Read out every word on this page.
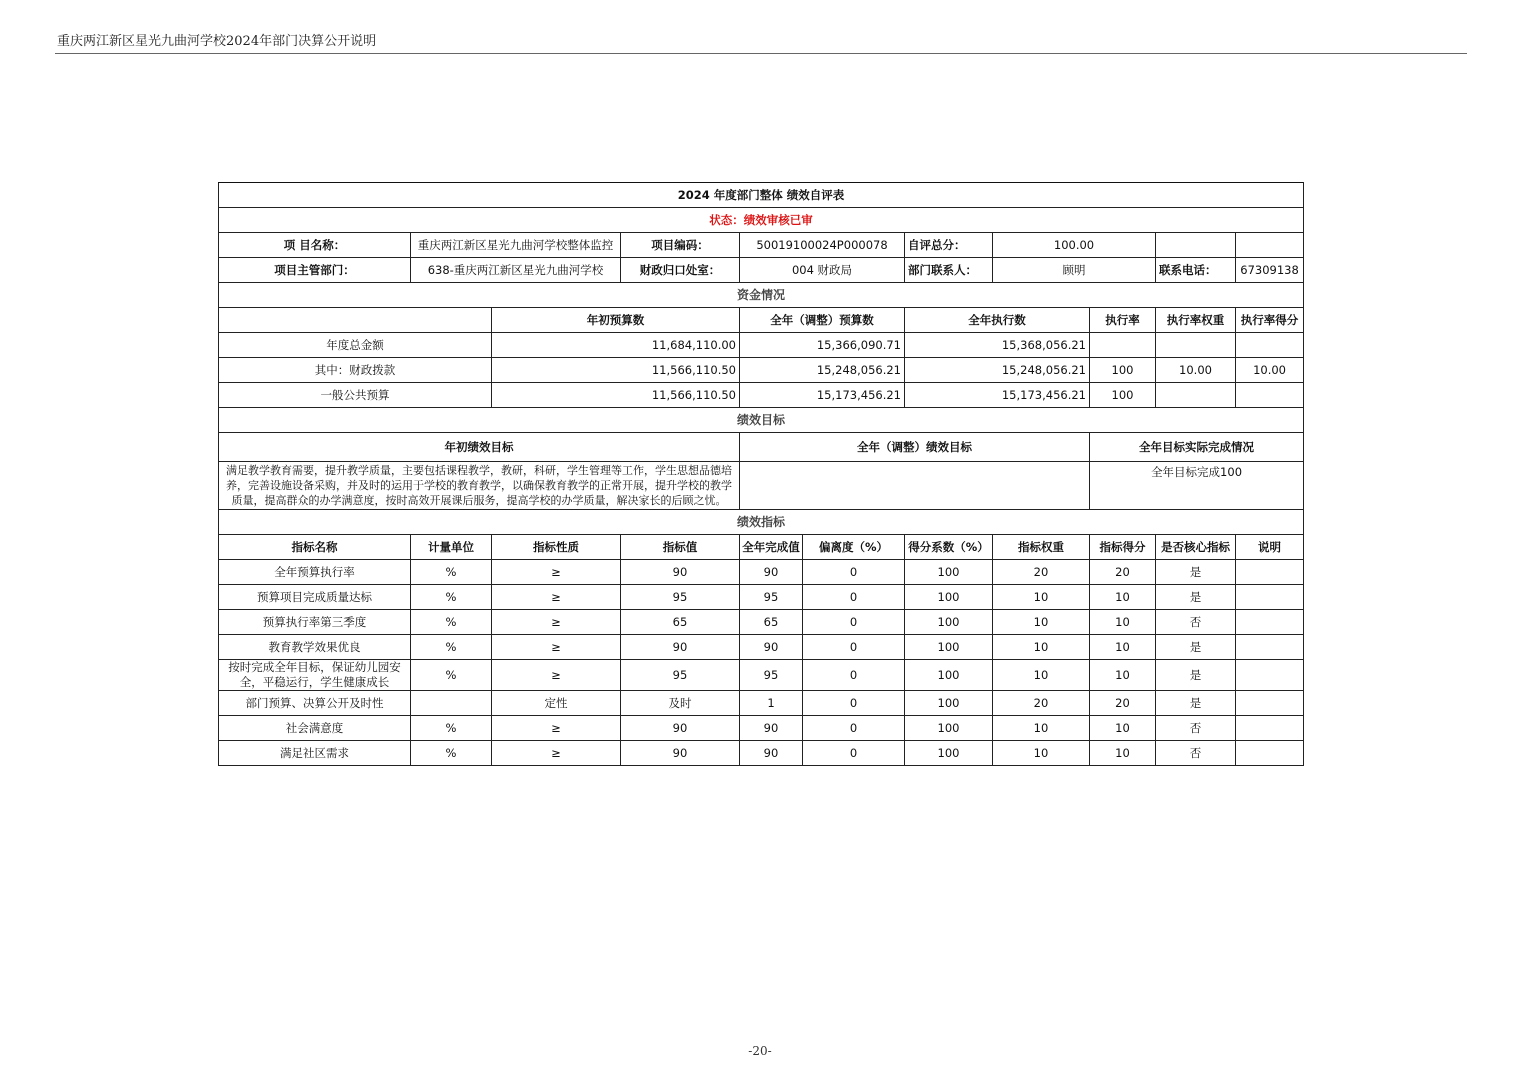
重庆两江新区星光九曲河学校2024年部门决算公开说明
2024 年度部门整体 绩效自评表										
状态：绩效审核已审										
项 目名称：	重庆两江新区星光九曲河学校整体监控		项目编码：	50019100024P000078		自评总分：	100.00			
项目主管部门：	638-重庆两江新区星光九曲河学校		财政归口处室：	004 财政局		部门联系人：	顾明		联系电话：	67309138
资金情况										
		年初预算数		全年（调整）预算数		全年执行数		执行率	执行率权重	执行率得分
年度总金额		11,684,110.00		15,366,090.71		15,368,056.21				
其中：财政拨款		11,566,110.50		15,248,056.21		15,248,056.21		100	10.00	10.00
一般公共预算		11,566,110.50		15,173,456.21		15,173,456.21		100		
绩效目标										
年初绩效目标				全年（调整）绩效目标				全年目标实际完成情况		
满足教学教育需要，提升教学质量，主要包括课程教学，教研，科研，学生管理等工作，学生思想品德培养，完善设施设备采购，并及时的运用于学校的教育教学，以确保教育教学的正常开展，提升学校的教学质量，提高群众的办学满意度，按时高效开展课后服务，提高学校的办学质量，解决家长的后顾之忧。								全年目标完成100		
绩效指标										
指标名称	计量单位	指标性质	指标值	全年完成值	偏离度（%）	得分系数（%）	指标权重	指标得分	是否核心指标	说明
全年预算执行率	%	≥	90	90	0	100	20	20	是	
预算项目完成质量达标	%	≥	95	95	0	100	10	10	是	
预算执行率第三季度	%	≥	65	65	0	100	10	10	否	
教育教学效果优良	%	≥	90	90	0	100	10	10	是	
按时完成全年目标，保证幼儿园安全，平稳运行，学生健康成长	%	≥	95	95	0	100	10	10	是	
部门预算、决算公开及时性		定性	及时	1	0	100	20	20	是	
社会满意度	%	≥	90	90	0	100	10	10	否	
满足社区需求	%	≥	90	90	0	100	10	10	否	
-20-
